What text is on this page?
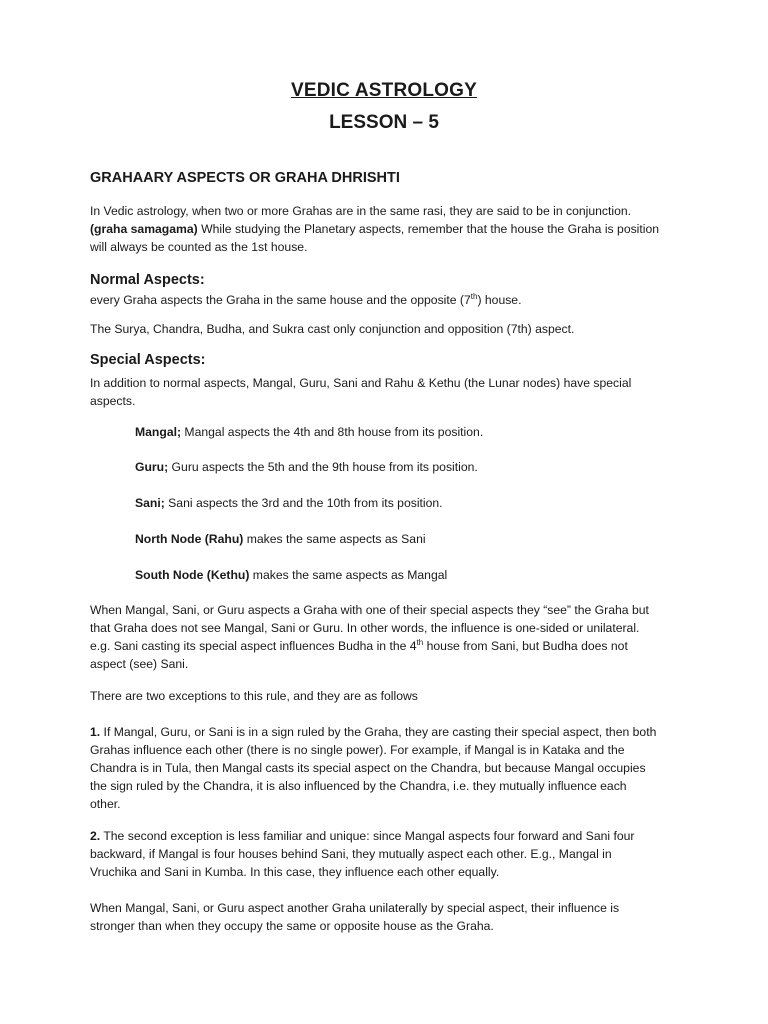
VEDIC ASTROLOGY
LESSON – 5
GRAHAARY ASPECTS OR GRAHA DHRISHTI
In Vedic astrology, when two or more Grahas are in the same rasi, they are said to be in conjunction.
(graha samagama) While studying the Planetary aspects, remember that the house the Graha is position
will always be counted as the 1st house.
Normal Aspects:
every Graha aspects the Graha in the same house and the opposite (7th) house.
The Surya, Chandra, Budha, and Sukra cast only conjunction and opposition (7th) aspect.
Special Aspects:
In addition to normal aspects, Mangal, Guru, Sani and Rahu & Kethu (the Lunar nodes) have special
aspects.
Mangal; Mangal aspects the 4th and 8th house from its position.
Guru; Guru aspects the 5th and the 9th house from its position.
Sani; Sani aspects the 3rd and the 10th from its position.
North Node (Rahu) makes the same aspects as Sani
South Node (Kethu) makes the same aspects as Mangal
When Mangal, Sani, or Guru aspects a Graha with one of their special aspects they “see” the Graha but
that Graha does not see Mangal, Sani or Guru. In other words, the influence is one-sided or unilateral.
e.g. Sani casting its special aspect influences Budha in the 4th house from Sani, but Budha does not
aspect (see) Sani.
There are two exceptions to this rule, and they are as follows
1. If Mangal, Guru, or Sani is in a sign ruled by the Graha, they are casting their special aspect, then both
Grahas influence each other (there is no single power). For example, if Mangal is in Kataka and the
Chandra is in Tula, then Mangal casts its special aspect on the Chandra, but because Mangal occupies
the sign ruled by the Chandra, it is also influenced by the Chandra, i.e. they mutually influence each
other.
2. The second exception is less familiar and unique: since Mangal aspects four forward and Sani four
backward, if Mangal is four houses behind Sani, they mutually aspect each other. E.g., Mangal in
Vruchika and Sani in Kumba. In this case, they influence each other equally.
When Mangal, Sani, or Guru aspect another Graha unilaterally by special aspect, their influence is
stronger than when they occupy the same or opposite house as the Graha.
